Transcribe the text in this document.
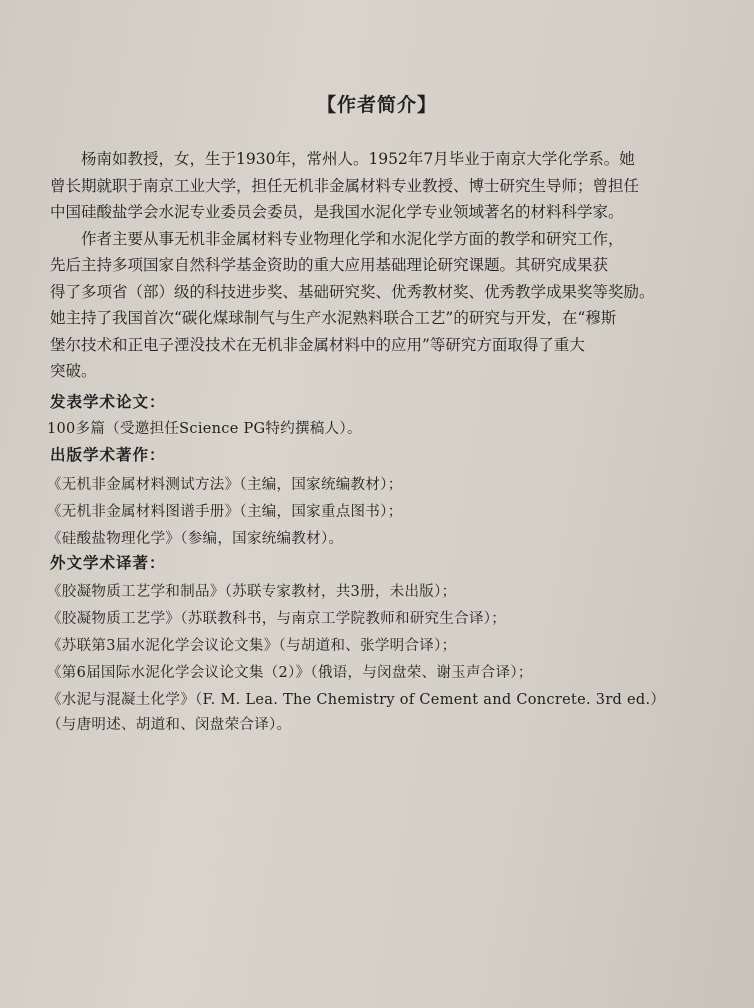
【作者简介】
　　杨南如教授，女，生于1930年，常州人。1952年7月毕业于南京大学化学系。她
曾长期就职于南京工业大学，担任无机非金属材料专业教授、博士研究生导师；曾担任
中国硅酸盐学会水泥专业委员会委员，是我国水泥化学专业领域著名的材料科学家。
　　作者主要从事无机非金属材料专业物理化学和水泥化学方面的教学和研究工作，
先后主持多项国家自然科学基金资助的重大应用基础理论研究课题。其研究成果获
得了多项省（部）级的科技进步奖、基础研究奖、优秀教材奖、优秀教学成果奖等奖励。
她主持了我国首次“碳化煤球制气与生产水泥熟料联合工艺”的研究与开发，在“穆斯
堡尔技术和正电子湮没技术在无机非金属材料中的应用”等研究方面取得了重大
突破。
发表学术论文：
100多篇（受邀担任Science PG特约撰稿人）。
出版学术著作：
《无机非金属材料测试方法》（主编，国家统编教材）；
《无机非金属材料图谱手册》（主编，国家重点图书）；
《硅酸盐物理化学》（参编，国家统编教材）。
外文学术译著：
《胶凝物质工艺学和制品》（苏联专家教材，共3册，未出版）；
《胶凝物质工艺学》（苏联教科书，与南京工学院教师和研究生合译）；
《苏联第3届水泥化学会议论文集》（与胡道和、张学明合译）；
《第6届国际水泥化学会议论文集（2）》（俄语，与闵盘荣、谢玉声合译）；
《水泥与混凝土化学》（F. M. Lea. The Chemistry of Cement and Concrete. 3rd ed.）
（与唐明述、胡道和、闵盘荣合译）。
